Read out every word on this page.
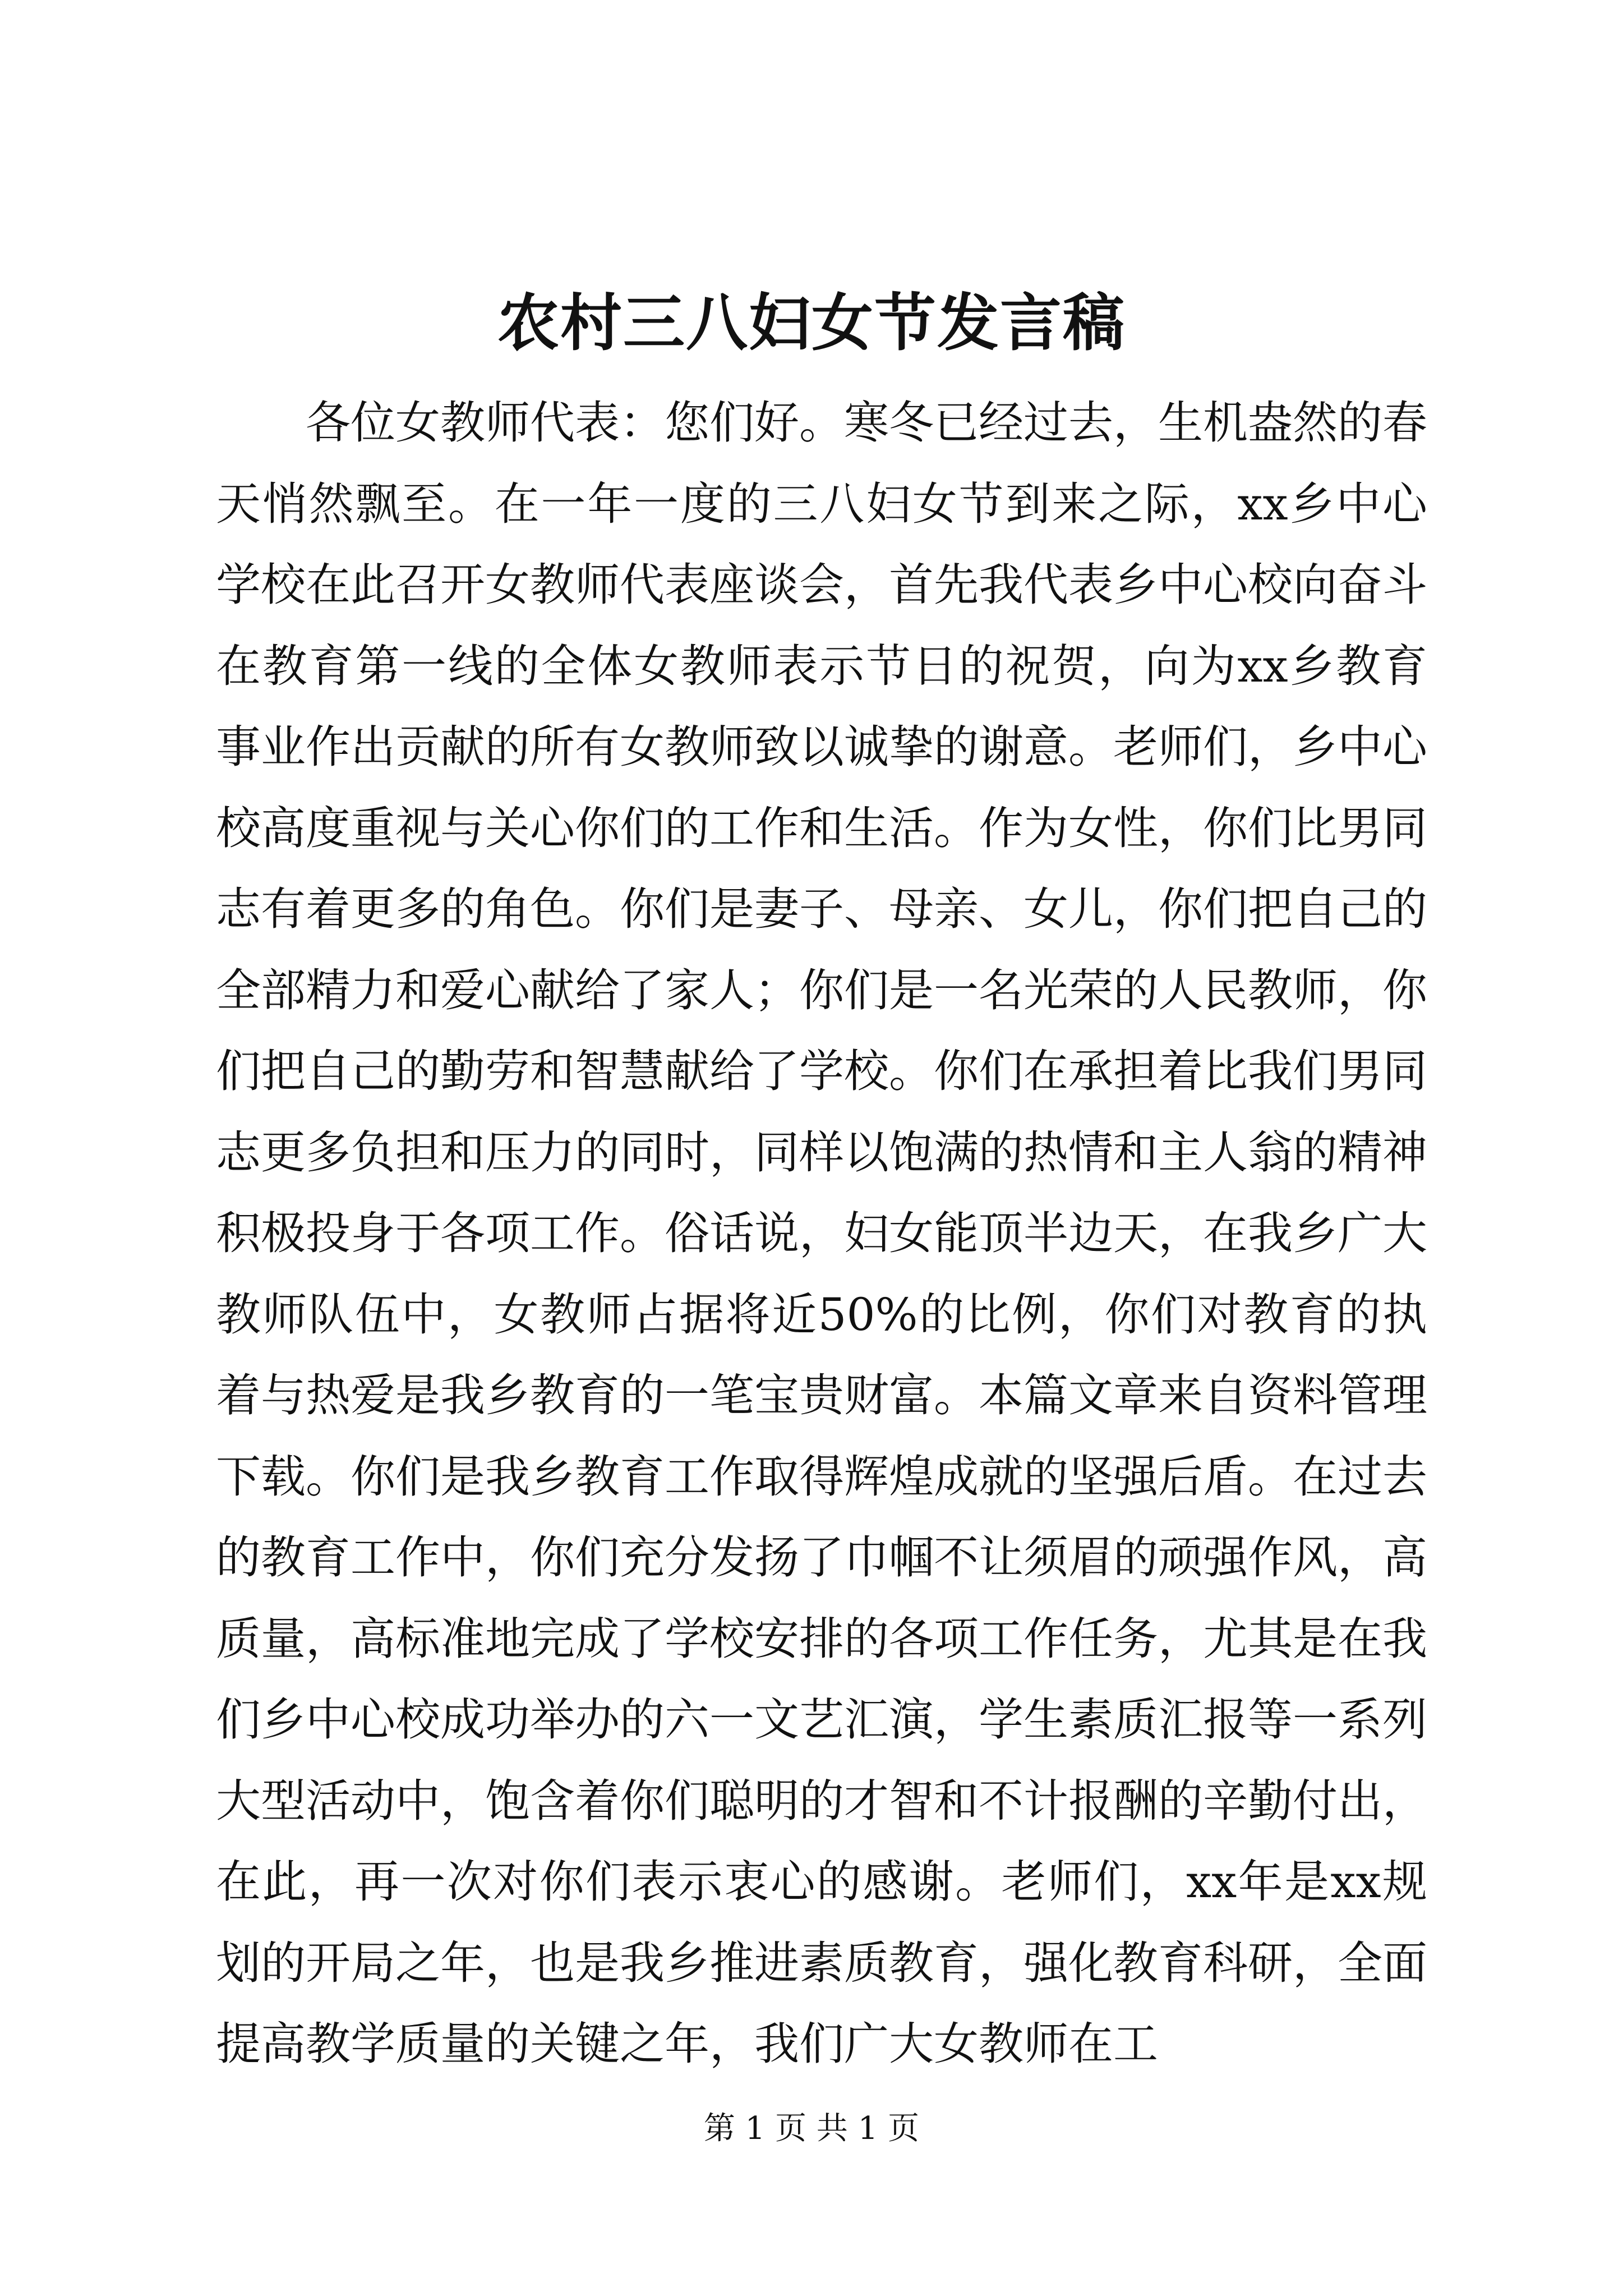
农村三八妇女节发言稿

各位女教师代表：您们好。寒冬已经过去，生机盎然的春天悄然飘至。在一年一度的三八妇女节到来之际，xx乡中心学校在此召开女教师代表座谈会，首先我代表乡中心校向奋斗在教育第一线的全体女教师表示节日的祝贺，向为xx乡教育事业作出贡献的所有女教师致以诚挚的谢意。老师们，乡中心校高度重视与关心你们的工作和生活。作为女性，你们比男同志有着更多的角色。你们是妻子、母亲、女儿，你们把自己的全部精力和爱心献给了家人；你们是一名光荣的人民教师，你们把自己的勤劳和智慧献给了学校。你们在承担着比我们男同志更多负担和压力的同时，同样以饱满的热情和主人翁的精神积极投身于各项工作。俗话说，妇女能顶半边天，在我乡广大教师队伍中，女教师占据将近50%的比例，你们对教育的执着与热爱是我乡教育的一笔宝贵财富。本篇文章来自资料管理下载。你们是我乡教育工作取得辉煌成就的坚强后盾。在过去的教育工作中，你们充分发扬了巾帼不让须眉的顽强作风，高质量，高标准地完成了学校安排的各项工作任务，尤其是在我们乡中心校成功举办的六一文艺汇演，学生素质汇报等一系列大型活动中，饱含着你们聪明的才智和不计报酬的辛勤付出，在此，再一次对你们表示衷心的感谢。老师们，xx年是xx规划的开局之年，也是我乡推进素质教育，强化教育科研，全面提高教学质量的关键之年，我们广大女教师在工

第 1 页 共 1 页
